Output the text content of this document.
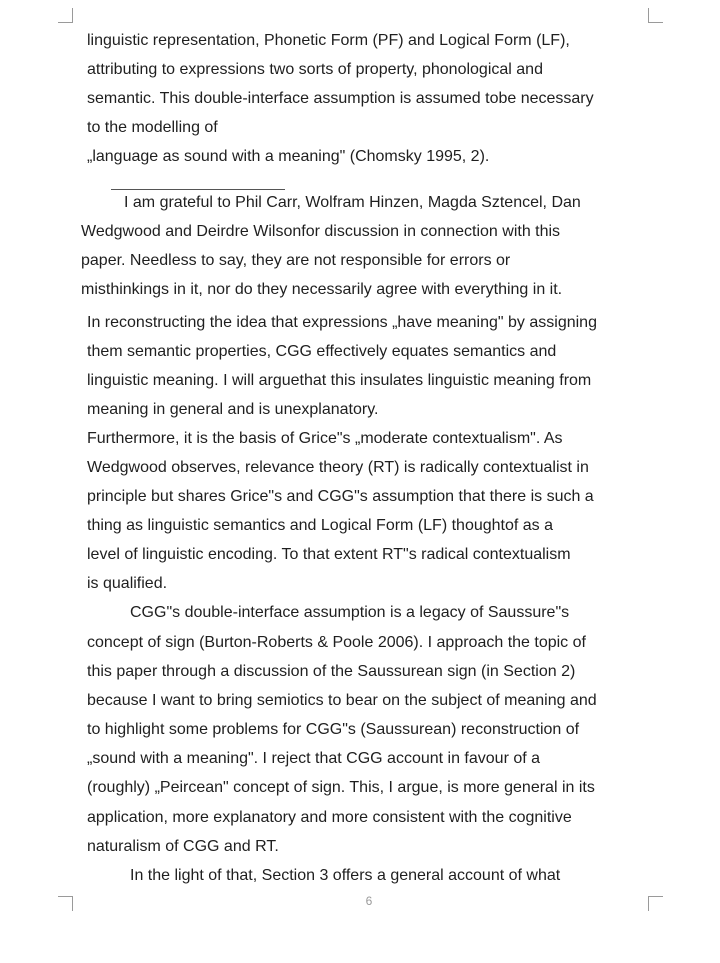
linguistic representation, Phonetic Form (PF) and Logical Form (LF),

attributing to expressions two sorts of property, phonological and

semantic. This double-interface assumption is assumed tobe necessary

to the modelling of

„language as sound with a meaning" (Chomsky 1995, 2).

I am grateful to Phil Carr, Wolfram Hinzen, Magda Sztencel, Dan

Wedgwood and Deirdre Wilsonfor discussion in connection with this

paper. Needless to say, they are not responsible for errors or

misthinkings in it, nor do they necessarily agree with everything in it.

In reconstructing the idea that expressions „have meaning" by assigning

them semantic properties, CGG effectively equates semantics and

linguistic meaning. I will arguethat this insulates linguistic meaning from

meaning in general and is unexplanatory.

Furthermore, it is the basis of Grice"s „moderate contextualism". As

Wedgwood observes, relevance theory (RT) is radically contextualist in

principle but shares Grice"s and CGG"s assumption that there is such a

thing as linguistic semantics and Logical Form (LF) thoughtof as a

level of linguistic encoding. To that extent RT"s radical contextualism

is qualified.

CGG"s double-interface assumption is a legacy of Saussure"s

concept of sign (Burton-Roberts & Poole 2006). I approach the topic of

this paper through a discussion of the Saussurean sign (in Section 2)

because I want to bring semiotics to bear on the subject of meaning and

to highlight some problems for CGG"s (Saussurean) reconstruction of

„sound with a meaning". I reject that CGG account in favour of a

(roughly) „Peircean" concept of sign. This, I argue, is more general in its

application, more explanatory and more consistent with the cognitive

naturalism of CGG and RT.

In the light of that, Section 3 offers a general account of what

6
